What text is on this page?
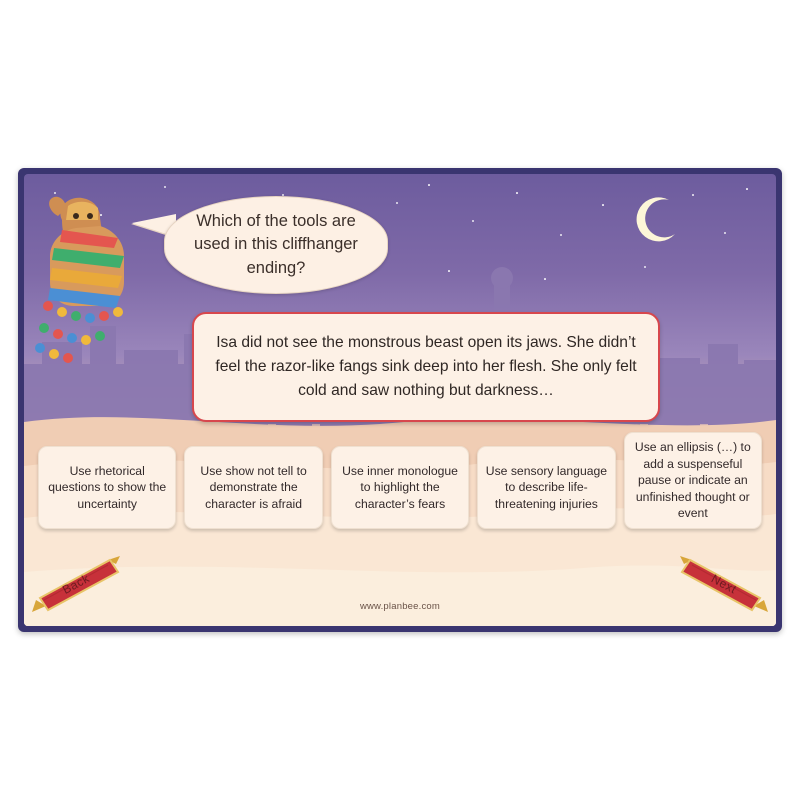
Which of the tools are used in this cliffhanger ending?
Isa did not see the monstrous beast open its jaws. She didn’t feel the razor-like fangs sink deep into her flesh. She only felt cold and saw nothing but darkness…
Use rhetorical questions to show the uncertainty
Use show not tell to demonstrate the character is afraid
Use inner monologue to highlight the character’s fears
Use sensory language to describe life-threatening injuries
Use an ellipsis (…) to add a suspenseful pause or indicate an unfinished thought or event
Back	Next
www.planbee.com
